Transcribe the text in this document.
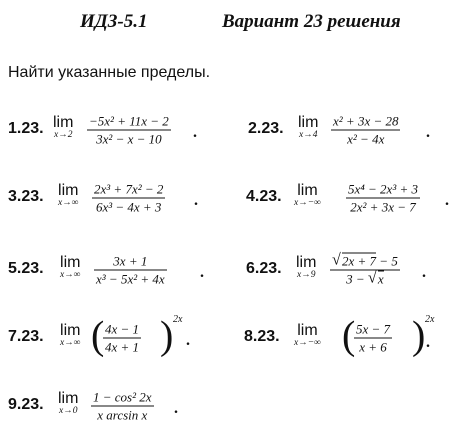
ИДЗ-5.1	Вариант 23 решения
Найти указанные пределы.
1.23. lim
x→2
−5x² + 11x − 2
3x² − x − 10	.	2.23. lim
x→4
x² + 3x − 28
x² − 4x	.
3.23. lim
x→∞
2x³ + 7x² − 2
6x³ − 4x + 3 .	4.23. lim
x→−∞
5x⁴ − 2x³ + 3
2x² + 3x − 7 .
5.23. lim
x→∞
3x + 1
x³ − 5x² + 4x .	6.23. lim
x→9
√ 2x + 7 − 5
3 − √ x	.
7.23. lim
x→∞ ( 4x − 1
4x + 1 ) 2x
.	8.23. lim
x→−∞ ( 5x − 7
x + 6 ) 2x
.
9.23. lim
x→0
1 − cos² 2x
x arcsin x	.
